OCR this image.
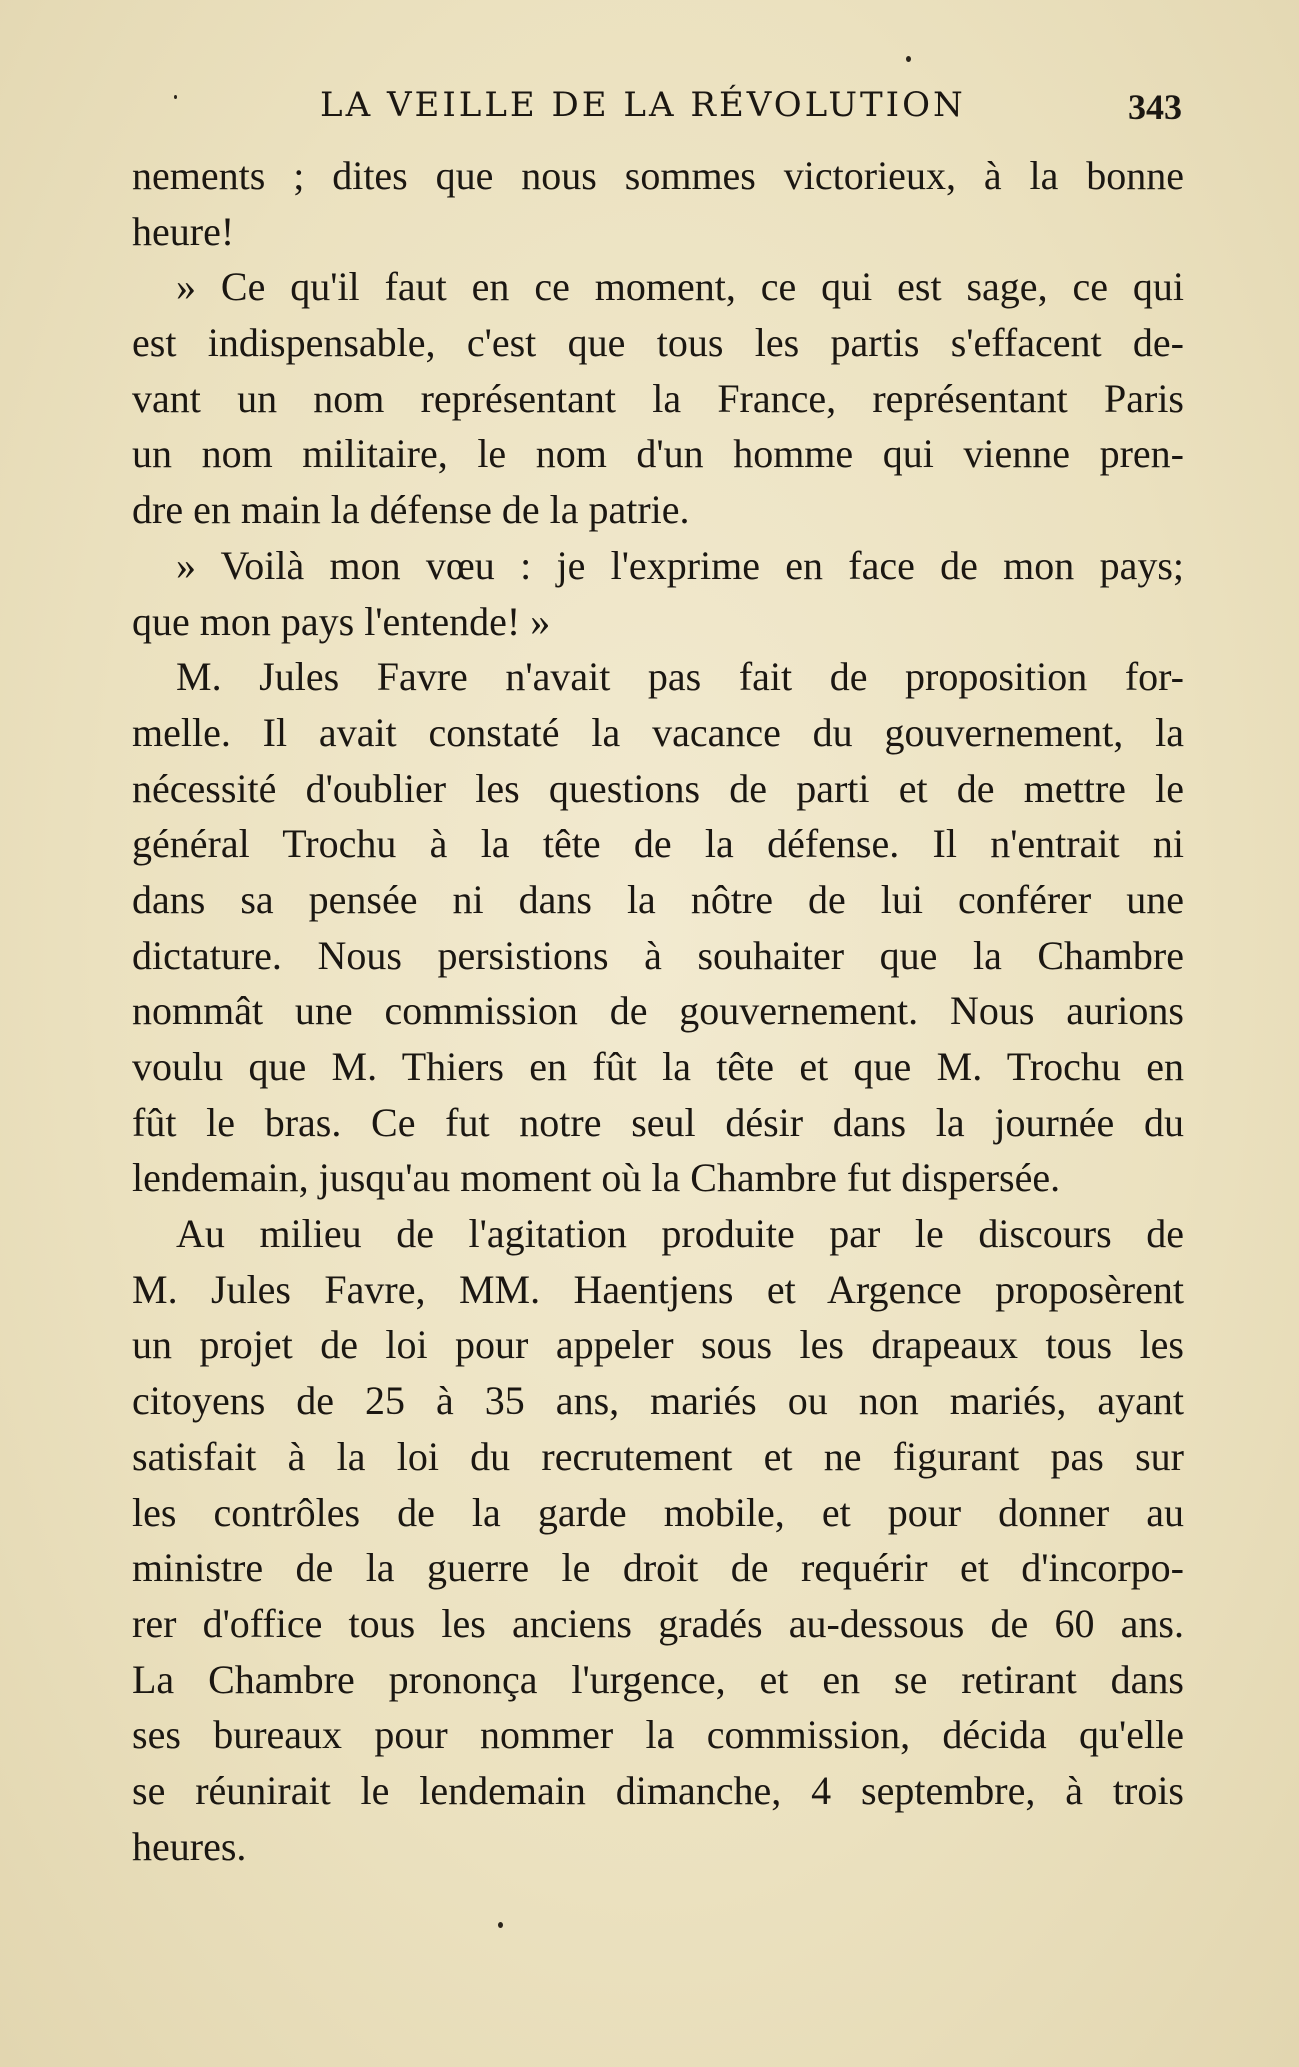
LA VEILLE DE LA RÉVOLUTION	343
nements ; dites que nous sommes victorieux, à la bonne
heure!
» Ce qu'il faut en ce moment, ce qui est sage, ce qui
est indispensable, c'est que tous les partis s'effacent de-
vant un nom représentant la France, représentant Paris
un nom militaire, le nom d'un homme qui vienne pren-
dre en main la défense de la patrie.
» Voilà mon vœu : je l'exprime en face de mon pays;
que mon pays l'entende! »
M. Jules Favre n'avait pas fait de proposition for-
melle. Il avait constaté la vacance du gouvernement, la
nécessité d'oublier les questions de parti et de mettre le
général Trochu à la tête de la défense. Il n'entrait ni
dans sa pensée ni dans la nôtre de lui conférer une
dictature. Nous persistions à souhaiter que la Chambre
nommât une commission de gouvernement. Nous aurions
voulu que M. Thiers en fût la tête et que M. Trochu en
fût le bras. Ce fut notre seul désir dans la journée du
lendemain, jusqu'au moment où la Chambre fut dispersée.
Au milieu de l'agitation produite par le discours de
M. Jules Favre, MM. Haentjens et Argence proposèrent
un projet de loi pour appeler sous les drapeaux tous les
citoyens de 25 à 35 ans, mariés ou non mariés, ayant
satisfait à la loi du recrutement et ne figurant pas sur
les contrôles de la garde mobile, et pour donner au
ministre de la guerre le droit de requérir et d'incorpo-
rer d'office tous les anciens gradés au-dessous de 60 ans.
La Chambre prononça l'urgence, et en se retirant dans
ses bureaux pour nommer la commission, décida qu'elle
se réunirait le lendemain dimanche, 4 septembre, à trois
heures.
